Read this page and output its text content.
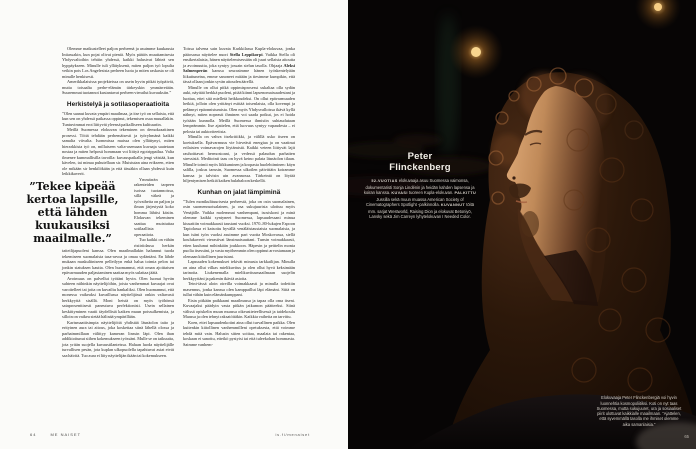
Olemme matkustelleet paljon perheenä ja asuimme kuukausia Intiassakin, kun pojat olivat pieniä. Myös päätös muuttamisesta Yhdysvaltoihin tehtiin yhdessä, kaikki halusivat lähteä sen hyppäykseen. Minulle tuli yllätyksenä, miten paljon työ lopulta veikin pois Los Angelesista perheen luota ja miten raskasta se oli minulle henkisesti.

Amerikkalaisissa projekteissa on usein hyvin pitkät työpäivät, mutta toisaalta perhe-elämän tärkeyskin ymmärretään. Suuremmat tuotannot kustantavat perheen vierailut kuvauksiin.”

Herkistelyä ja sotilasoperaatioita

”Olen saanut kuvata ympäri maailmaa, ja itse työ on sellaista, että kun sen on yhdessä paikassa oppinut, tekemisen osaa muuallakin. Tuntuvimmat erot liittyvät yleensä paikalliseen kulttuuriin.

Meillä Suomessa elokuvan tekeminen on demokraattinen prosessi. Töitä tehdään perhemäisesti ja työryhmänä kaikki samalta viivalta. Isommissa maissa olen yllättynyt, miten hierarkkista työ on, millaiseen valta-asemaan kuvaaja saatetaan nostaa ja miten helposti hommaan voi liittyä egotrippailua. Valta ilmenee kummallisilla tavoilla: kuvauspaikalla jengi väistää, kun kävelen, tai minua puhutellaan sir. Muistutan aina erikseen, etten ole mikään sir henkilökään ja että tässäkin ollaan yhdessä kuin leikkikaverit.

”Tekee kipeää kertoa lapsille, että lähden kuukausiksi maailmalle.”

Ymmärrän rakenteiden tarpeen isoissa tuotannoissa, sillä väkeä ja työvaiheita on paljon ja ilman järjestystä koko homma lähtisi käsiin. Elokuvan tekeminen saattaa muistuttaa sotilaallista operaatiota.

Tuo kaikki on vähän ristiriidassa herkän taiteilijapuoleni kanssa. Olen maailmallakin halunnut tuoda tekemiseen suomalaista tasa-arvoa ja omaa sydäntäni. En lähde mukaan maskuliiniseen pelleilyyn enkä halua toimia pelon tai jonkin statuksen kautta. Olen huomannut, että oman ajoittaisen epävarmuuden paljastaminen saattaa myös sulattaa jäätä.

Avoimuus on palvellut työtäni hyvin. Olen luonut hyvän suhteen niihinkin näyttelijöihin, joista vanhemmat kuvaajat ovat varoitelleet tai joita on kuvailtu hankaliksi. Olen huomannut, että monessa vaikeaksi kuvaillussa näyttelijässä onkin valtavasti herkkyyttä sisällä. Moni heistä on myös työhönsä sataprosenttisesti paneutuva perfektionisti. Usein sellainen keskittyminen vaatii täydellistä kaiken muun poissulkemista, ja silloin on vaikea sietää hälinää ympärillään.

Karismaattisimpia näyttelijöitä yhdistää läsnäolon taito ja erityinen aura tai aitous, joka koskettaa siinä lähellä olossa ja parhaimmillaan välittyy kameran linssin läpi. Olen ihan addiktoitunut siihen kokemukseen työssäni. Mulle se on taikuutta, jota yritän suojella kuvaustilanteissa. Haluan luoda näyttelijälle turvallisen pesän, jota kuplan ulkopuolella tapahtuvat asiat eivät saa häiritä. Tuo aura ei liity näyttelijän ikään tai kokemukseen.

Toissa talvena sain kuvata Karkkilassa Kupla-elokuvaa, jonka pääosassa näyttelee nuori Stella Leppikorpi. Vaikka Stella oli ensikertalaisia, hänen näyttelemisessään oli juuri sellaista aitoutta ja avoimuutta, joka syntyy jossain sielun tasolla. Ohjaaja Aleksi Salmenperän kanssa seurasimme hänen työskentelyään liikuttuneina, emme sanoneet mitään ja tiesimme kumpikin, että tässä ollaan jonkin syvän aitouden äärellä.

Minulle on ollut pitkä oppimisprosessi uskaltaa olla sydän auki, näyttää herkkä puoleni, pitää kiinni lapsenomaisuudestani ja luottaa, ettei sitä mielletä heikkoudeksi. On ollut epävarmuuden hetkiä, jolloin olen yrittänyt esittää toisenlaista, olla kovempi ja pelännyt epäonnistumista. Olen myös Yhdysvalloissa ikävä kyllä nähnyt, miten nopeasti ihminen voi saada potkut, jos ei hoida työtään kunnolla. Meillä Suomessa ihmisiin suhtaudutaan lempeämmin. Itse ajattelen, että luovuus syntyy vapaudesta – ei pelosta tai auktoriteetista.

Minulla on vahva itsekritiikki, ja välillä usko itseen on koetuksella. Epävarmuus vie hirveästi energiaa ja on vaatinut erilaisten voimavarojen löytämistä. Kaikki veteen liittyvät lajit rauhoittavat hermostoani, ja vedessä palaudun parhaiten stressistä. Meditointi taas on hyvä keino palata läsnäolon tilaan. Minulle toimii myös liikkuminen ja kropasta huolehtiminen: käyn salilla, joskus tanssin, Suomessa ulkoilen päivittäin koiramme kanssa ja talvisin uin avannossa. Tärkeintä on löytää hiljentymisen hetkiä kaiken hulabaloon keskellä.

Kunhan on jalat lämpiminä

”Tulen monikulttuurisesta perheestä, joka on osin suomalainen, osin suomenruotsalainen, ja osa sukujuurista ulottuu myös Venäjälle. Vaikka molemmat vanhempani, isosiskoni ja minä olemme kaikki syntyneet Suomessa, lapsuudessani minua kiusattiin voimakkaasti taustani vuoksi. 1970–80-lukujen Espoon Tapiolassa ei katsottu hyvällä venäläistaustaisia suomalaisia, ja kun isäni työn vuoksi asuimme pari vuotta Moskovassa, siellä koulukaverit vierastivat länsimaisuuttani. Tunsin voimakkaasti, etten kuulunut mihinkään joukkoon. Häpesin ja peittelin monia puolia itsessäni, ja vasta myöhemmin olen oppinut arvostamaan ja olemaan kiitollinen juuristani.

Lapsuuden kokemukset tekivät minusta tarkkailijan. Minulla on aina ollut vilkas mielikuvitus ja olen ollut hyvä keksimään tarinoita. Liukenemalla mielikuvitusmaailmaan suojelin herkkyyttäni ja pakenin ikäviä asioita.

Teini-iässä aloin oireilla voimakkaasti ja minulla todettiin masennus, jonka kanssa olen kamppaillut läpi elämäni. Siitä on tullut vähän kuin elämänkumppani.

Etsin pitkään paikkaani maailmassa ja tapaa olla oma itseni. Kuvaajaksi päädyin vasta pitkän jatkumon päätteeksi. Siinä välissä opiskelin muun muassa oikeustieteellisessä ja taidekoulu Maassa ja olen tehnyt raksatöitäkin. Kaikkia vaiheita on tarvittu.

Koen, ettei lapsuudenkotini aina ollut turvallinen paikka. Olen kuitenkin kiitollinen vanhemmilleni opetuksesta, että voimme tehdä mitä vain. Halusin sitten soittaa, maalata tai rakentaa, koskaan ei sanottu, etteikö pystyisi tai että tuleekohan hommasta. Saimme vanhem-

64	ME NAISET	is.fi/menaiset
Peter Flinckenberg
52-VUOTIAS elokuvaaja asuu Suomessa vaimonsa, dokumentaristi Sonja Lindénin ja heidän kahden lapsensa ja koiran kanssa. KUVASI tuoreen Kupla-elokuvan. PALKITTU Jussilla sekä muun muassa American Society of Cinematographers Spotlight -palkinnolla. KUVANNUT töitä mm. sarjat Westworld, Raising Dion ja elokuvat Betoniyö, Lansky sekä Jim Carreyn lyhytelokuvan I Needed Color.
Elokuvaaja Peter Flinckenbergiä voi hyvin luonnehtia kosmopoliitiksi. Koti on nyt taas Suomessa, mutta sukujuuret, ura ja sosiaaliset piirit ulottuvat kaikkialle maailmaan. ”Ajattelen, että syvemmällä tasolla me ihmiset olemme aika samanlaisia.”
65
